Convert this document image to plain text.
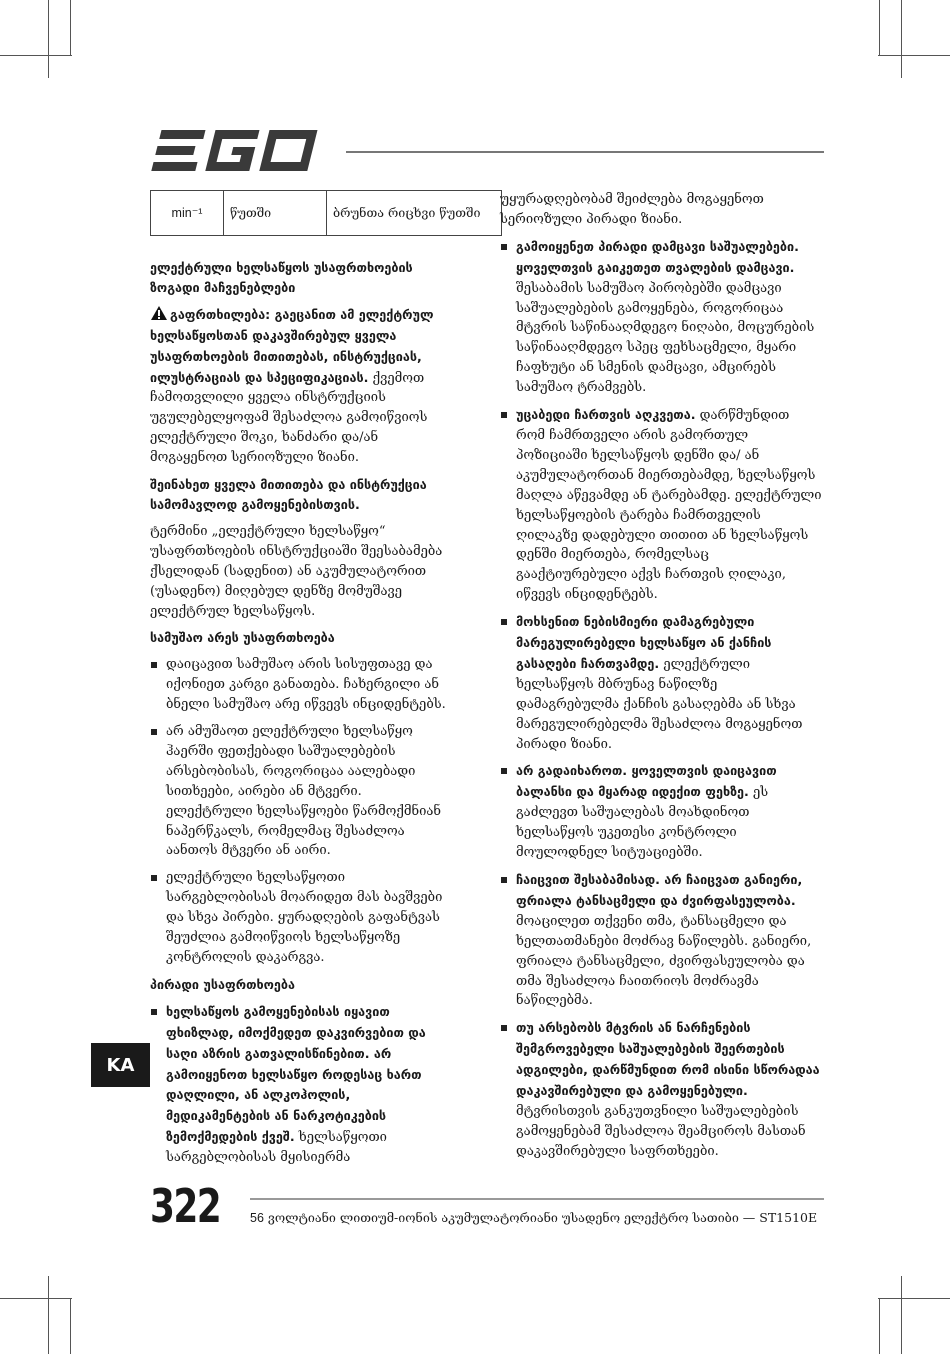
min⁻¹	წუთში	ბრუნთა რიცხვი წუთში
ელექტრული ხელსაწყოს უსაფრთხოების ზოგადი მაჩვენებლები

გაფრთხილება: გაეცანით ამ ელექტრულ ხელსაწყოსთან დაკავშირებულ ყველა უსაფრთხოების მითითებას, ინსტრუქციას, ილუსტრაციას და სპეციფიკაციას. ქვემოთ ჩამოთვლილი ყველა ინსტრუქციის უგულებელყოფამ შესაძლოა გამოიწვიოს ელექტრული შოკი, ხანძარი და/ან მოგაყენოთ სერიოზული ზიანი.

შეინახეთ ყველა მითითება და ინსტრუქცია სამომავლოდ გამოყენებისთვის.

ტერმინი „ელექტრული ხელსაწყო“ უსაფრთხოების ინსტრუქციაში შეესაბამება ქსელიდან (სადენით) ან აკუმულატორით (უსადენო) მიღებულ დენზე მომუშავე ელექტრულ ხელსაწყოს.

სამუშაო არეს უსაფრთხოება
დაიცავით სამუშაო არის სისუფთავე და იქონიეთ კარგი განათება. ჩახერგილი ან ბნელი სამუშაო არე იწვევს ინციდენტებს.
არ ამუშაოთ ელექტრული ხელსაწყო ჰაერში ფეთქებადი საშუალებების არსებობისას, როგორიცაა აალებადი სითხეები, აირები ან მტვერი. ელექტრული ხელსაწყოები წარმოქმნიან ნაპერწკალს, რომელმაც შესაძლოა აანთოს მტვერი ან აირი.
ელექტრული ხელსაწყოთი სარგებლობისას მოარიდეთ მას ბავშვები და სხვა პირები. ყურადღების გაფანტვას შეუძლია გამოიწვიოს ხელსაწყოზე კონტროლის დაკარგვა.
პირადი უსაფრთხოება
ხელსაწყოს გამოყენებისას იყავით ფხიზლად, იმოქმედეთ დაკვირვებით და საღი აზრის გათვალისწინებით. არ გამოიყენოთ ხელსაწყო როდესაც ხართ დაღლილი, ან ალკოჰოლის, მედიკამენტების ან ნარკოტიკების ზემოქმედების ქვეშ. ხელსაწყოთი სარგებლობისას მყისიერმა

უყურადღებობამ შეიძლება მოგაყენოთ სერიოზული პირადი ზიანი.

გამოიყენეთ პირადი დამცავი საშუალებები. ყოველთვის გაიკეთეთ თვალების დამცავი. შესაბამის სამუშაო პირობებში დამცავი საშუალებების გამოყენება, როგორიცაა მტვრის საწინააღმდეგო ნიღაბი, მოცურების საწინააღმდეგო სპეც ფეხსაცმელი, მყარი ჩაფხუტი ან სმენის დამცავი, ამცირებს სამუშაო ტრამვებს.
უცაბედი ჩართვის აღკვეთა. დარწმუნდით რომ ჩამრთველი არის გამორთულ პოზიციაში ხელსაწყოს დენში და/ ან აკუმულატორთან მიერთებამდე, ხელსაწყოს მაღლა აწევამდე ან ტარებამდე. ელექტრული ხელსაწყოების ტარება ჩამრთველის ღილაკზე დადებული თითით ან ხელსაწყოს დენში მიერთება, რომელსაც გააქტიურებული აქვს ჩართვის ღილაკი, იწვევს ინციდენტებს.
მოხსენით ნებისმიერი დამაგრებული მარეგულირებელი ხელსაწყო ან ქანჩის გასაღები ჩართვამდე. ელექტრული ხელსაწყოს მბრუნავ ნაწილზე დამაგრებულმა ქანჩის გასაღებმა ან სხვა მარეგულირებელმა შესაძლოა მოგაყენოთ პირადი ზიანი.
არ გადაიხაროთ. ყოველთვის დაიცავით ბალანსი და მყარად იდექით ფეხზე. ეს გაძლევთ საშუალებას მოახდინოთ ხელსაწყოს უკეთესი კონტროლი მოულოდნელ სიტუაციებში.
ჩაიცვით შესაბამისად. არ ჩაიცვათ განიერი, ფრიალა ტანსაცმელი და ძვირფასეულობა. მოაცილეთ თქვენი თმა, ტანსაცმელი და ხელთათმანები მოძრავ ნაწილებს. განიერი, ფრიალა ტანსაცმელი, ძვირფასეულობა და თმა შესაძლოა ჩაითრიოს მოძრავმა ნაწილებმა.
თუ არსებობს მტვრის ან ნარჩენების შემგროვებელი საშუალებების შეერთების ადგილები, დარწმუნდით რომ ისინი სწორადაა დაკავშირებული და გამოყენებული. მტვრისთვის განკუთვნილი საშუალებების გამოყენებამ შესაძლოა შეამციროს მასთან დაკავშირებული საფრთხეები.
KA
322 56 ვოლტიანი ლითიუმ-იონის აკუმულატორიანი უსადენო ელექტრო სათიბი — ST1510E
